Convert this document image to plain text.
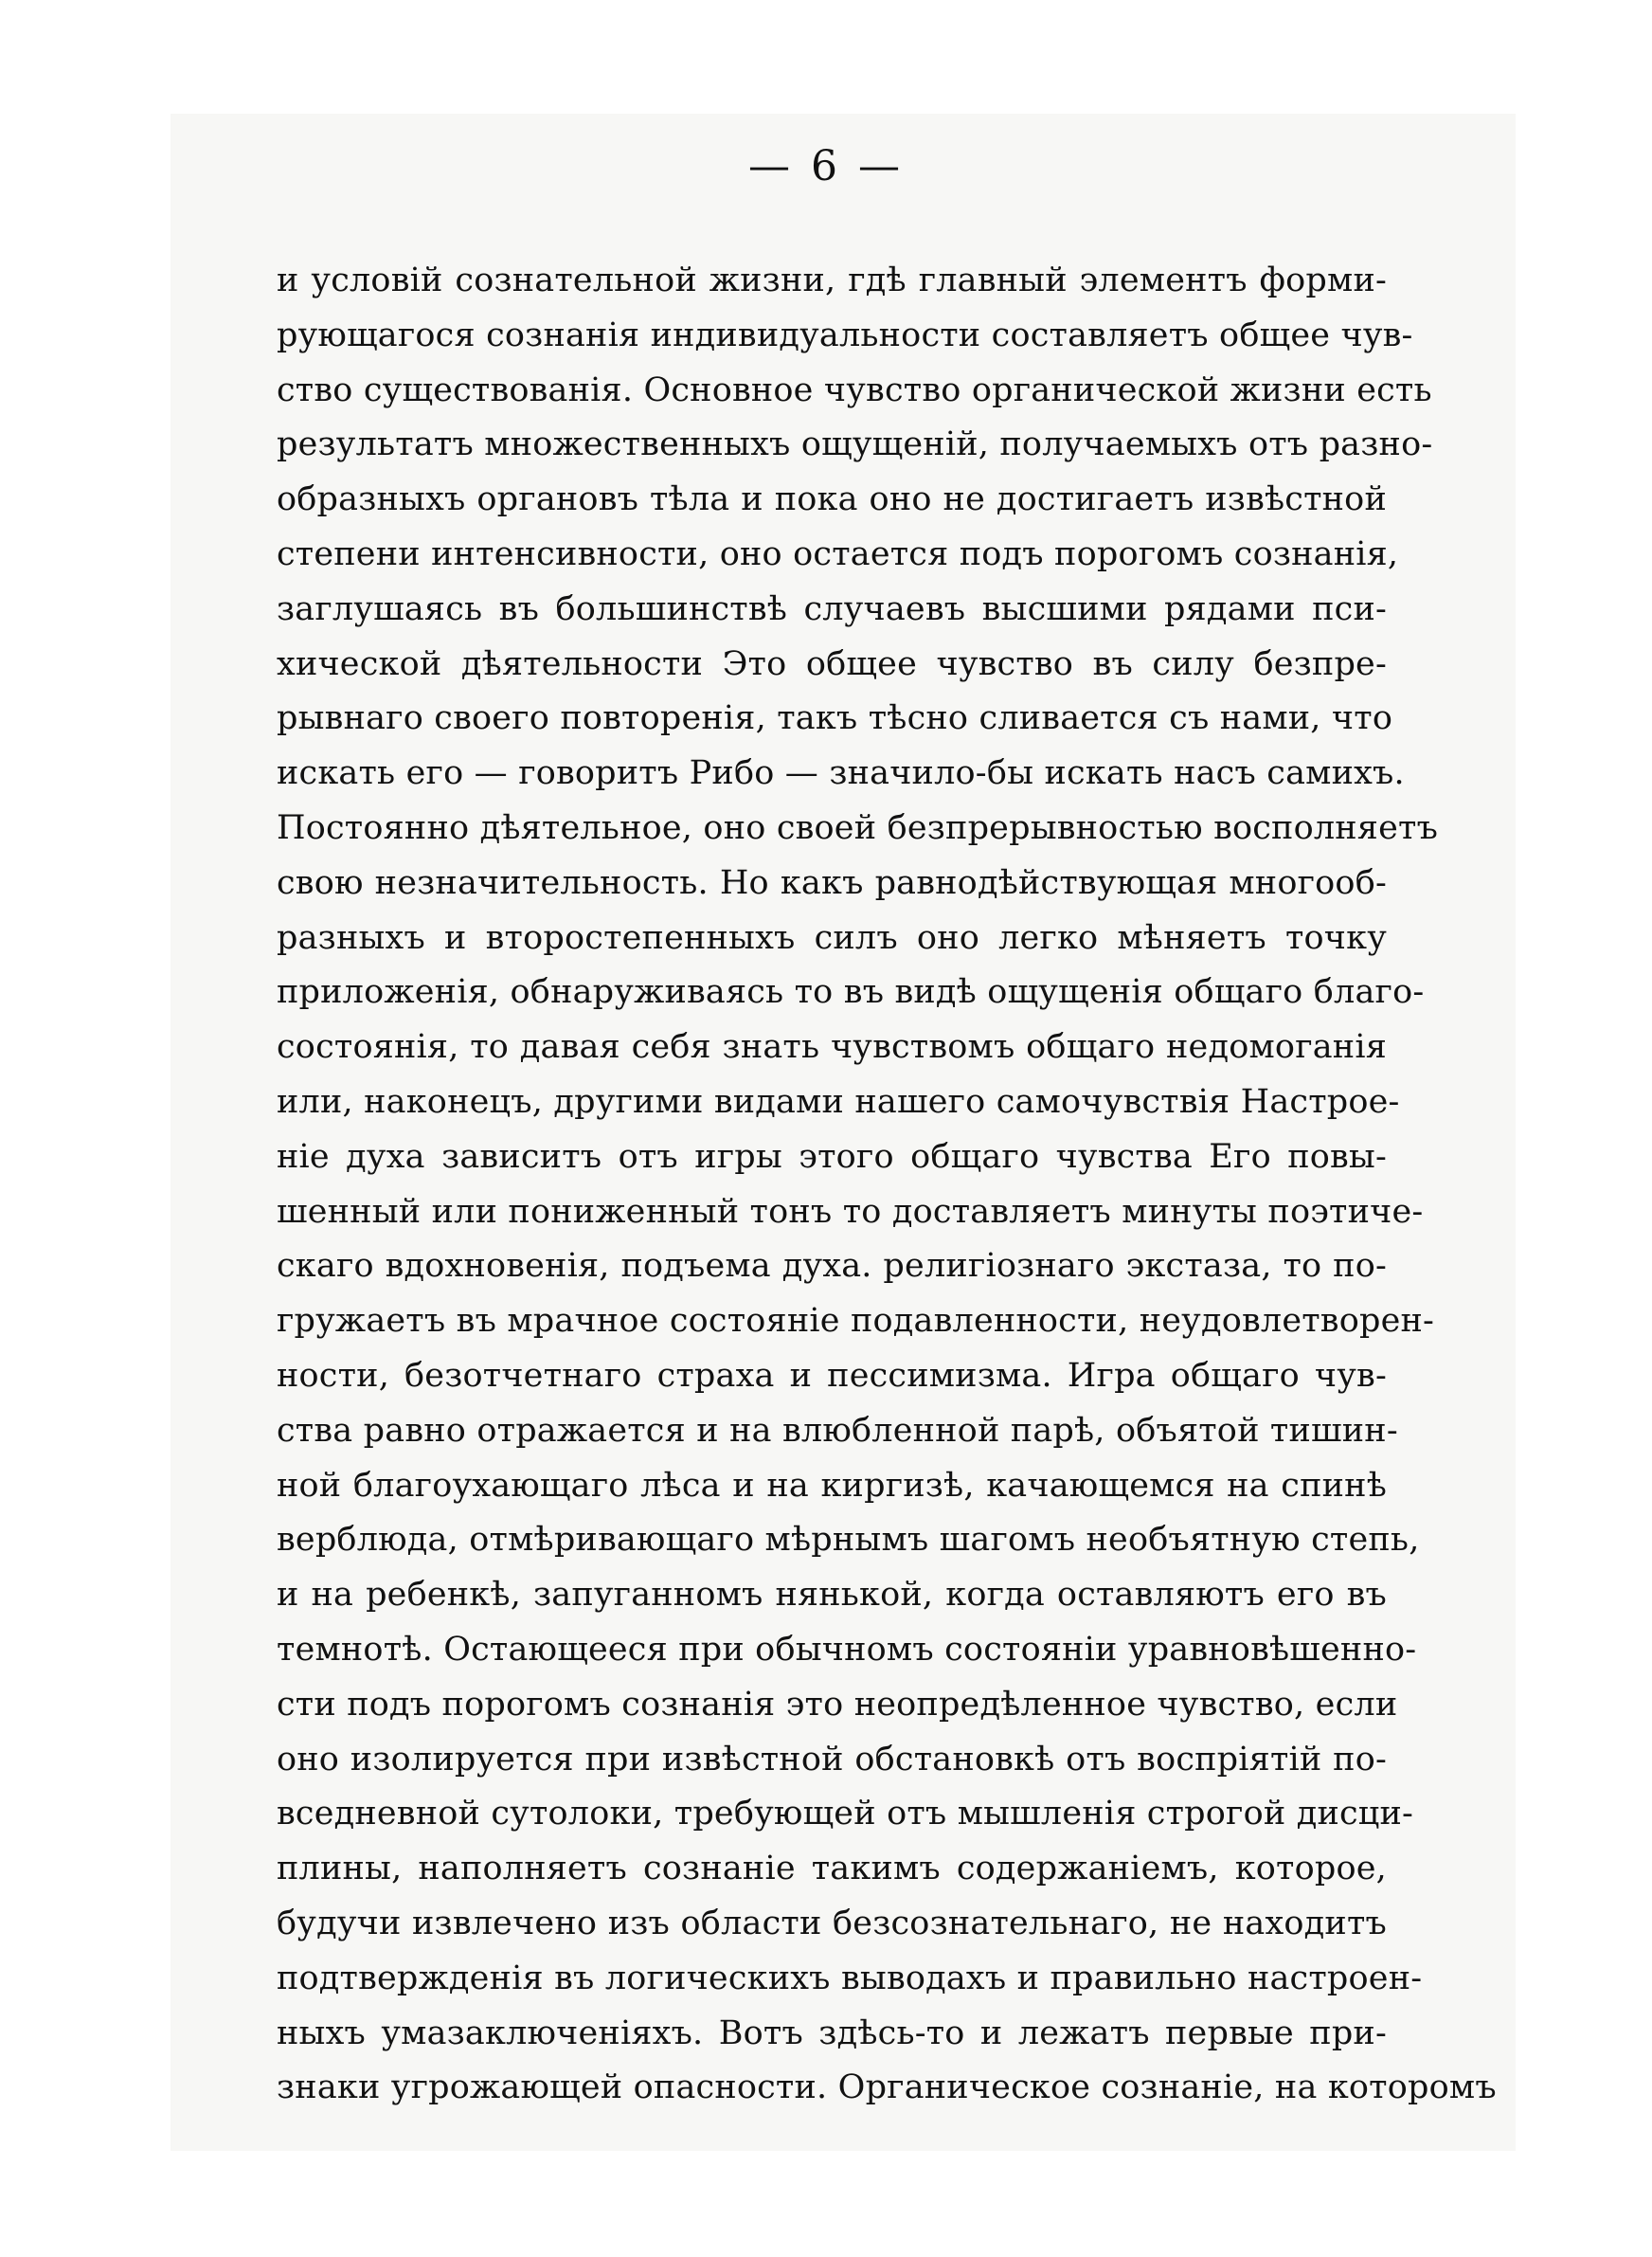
— 6 —
и условій сознательной жизни, гдѣ главный элементъ форми-
рующагося сознанія индивидуальности составляетъ общее чув-
ство существованія. Основное чувство органической жизни есть
результатъ множественныхъ ощущеній, получаемыхъ отъ разно-
образныхъ органовъ тѣла и пока оно не достигаетъ извѣстной
степени интенсивности, оно остается подъ порогомъ сознанія,
заглушаясь въ большинствѣ случаевъ высшими рядами пси-
хической дѣятельности Это общее чувство въ силу безпре-
рывнаго своего повторенія, такъ тѣсно сливается съ нами, что
искать его — говоритъ Рибо — значило-бы искать насъ самихъ.
Постоянно дѣятельное, оно своей безпрерывностью восполняетъ
свою незначительность. Но какъ равнодѣйствующая многооб-
разныхъ и второстепенныхъ силъ оно легко мѣняетъ точку
приложенія, обнаруживаясь то въ видѣ ощущенія общаго благо-
состоянія, то давая себя знать чувствомъ общаго недомоганія
или, наконецъ, другими видами нашего самочувствія Настрое-
ніе духа зависитъ отъ игры этого общаго чувства Его повы-
шенный или пониженный тонъ то доставляетъ минуты поэтиче-
скаго вдохновенія, подъема духа. религіознаго экстаза, то по-
гружаетъ въ мрачное состояніе подавленности, неудовлетворен-
ности, безотчетнаго страха и пессимизма. Игра общаго чув-
ства равно отражается и на влюбленной парѣ, объятой тишин-
ной благоухающаго лѣса и на киргизѣ, качающемся на спинѣ
верблюда, отмѣривающаго мѣрнымъ шагомъ необъятную степь,
и на ребенкѣ, запуганномъ нянькой, когда оставляютъ его въ
темнотѣ. Остающееся при обычномъ состояніи уравновѣшенно-
сти подъ порогомъ сознанія это неопредѣленное чувство, если
оно изолируется при извѣстной обстановкѣ отъ воспріятій по-
вседневной сутолоки, требующей отъ мышленія строгой дисци-
плины, наполняетъ сознаніе такимъ содержаніемъ, которое,
будучи извлечено изъ области безсознательнаго, не находитъ
подтвержденія въ логическихъ выводахъ и правильно настроен-
ныхъ умазаключеніяхъ. Вотъ здѣсь-то и лежатъ первые при-
знаки угрожающей опасности. Органическое сознаніе, на которомъ
